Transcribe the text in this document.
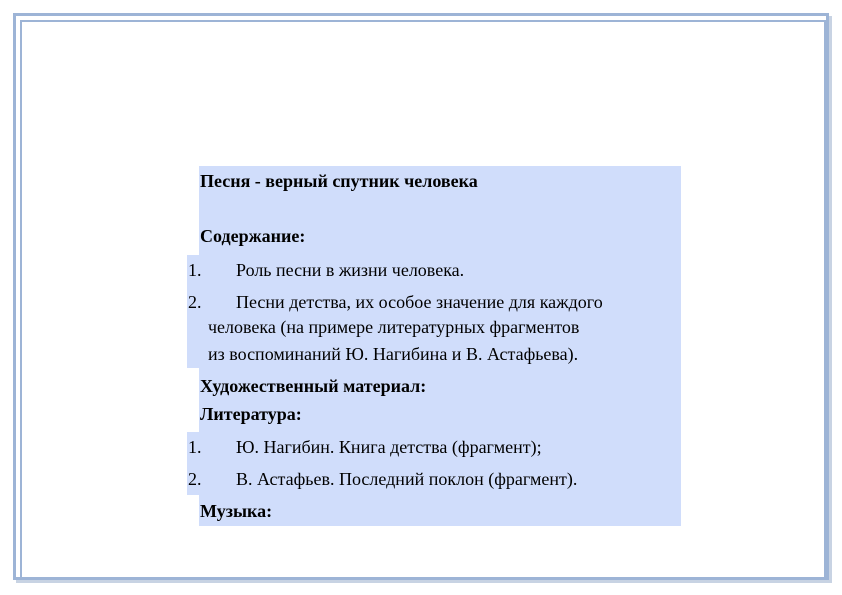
Песня - верный спутник человека
Содержание:
1. Роль песни в жизни человека.
2. Песни детства, их особое значение для каждого
человека (на примере литературных фрагментов
из воспоминаний Ю. Нагибина и В. Астафьева).
Художественный материал:
Литература:
1. Ю. Нагибин. Книга детства (фрагмент);
2. В. Астафьев. Последний поклон (фрагмент).
Музыка:
